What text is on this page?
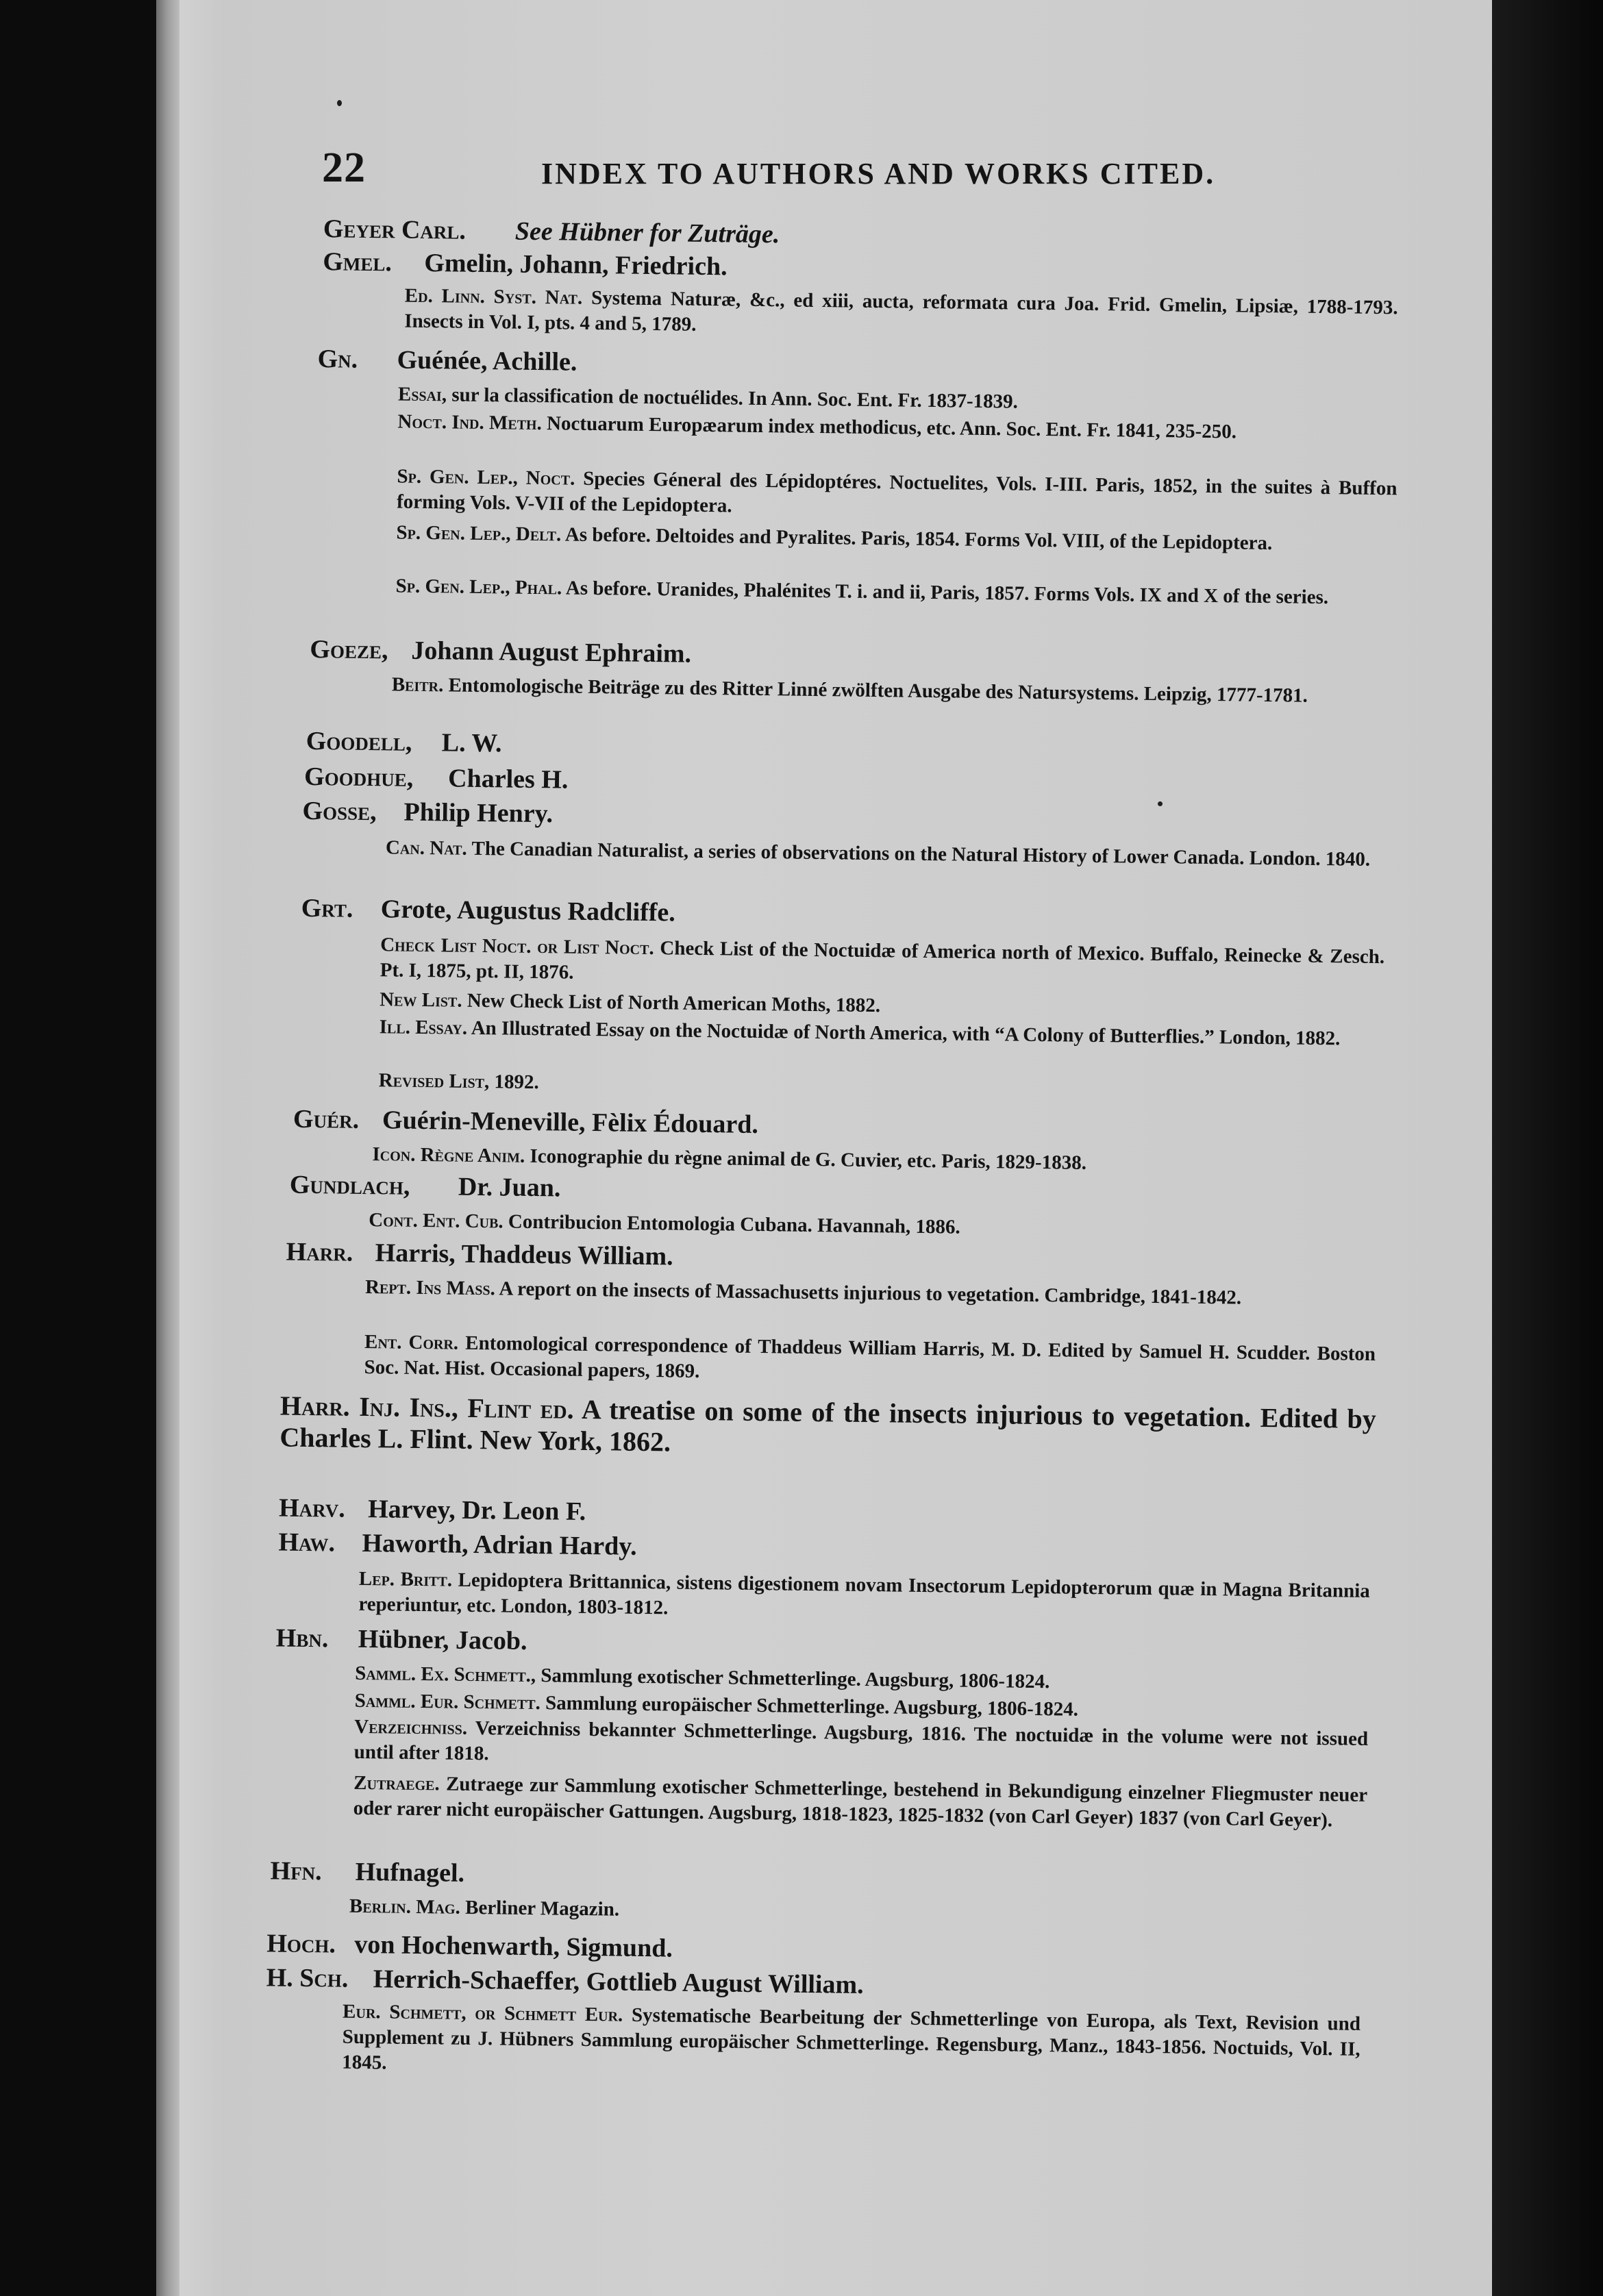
22	INDEX TO AUTHORS AND WORKS CITED.
Geyer Carl. See Hübner for Zuträge.
Gmel. Gmelin, Johann, Friedrich.
Ed. Linn. Syst. Nat. Systema Naturæ, &c., ed xiii, aucta, reformata cura Joa. Frid. Gmelin, Lipsiæ, 1788-1793. Insects in Vol. I, pts. 4 and 5, 1789.
Gn. Guénée, Achille.
Essai, sur la classification de noctuélides. In Ann. Soc. Ent. Fr. 1837-1839.
Noct. Ind. Meth. Noctuarum Europæarum index methodicus, etc. Ann. Soc. Ent. Fr. 1841, 235-250.
Sp. Gen. Lep., Noct. Species Géneral des Lépidoptéres. Noctuelites, Vols. I-III. Paris, 1852, in the suites à Buffon forming Vols. V-VII of the Lepidoptera.
Sp. Gen. Lep., Delt. As before. Deltoides and Pyralites. Paris, 1854. Forms Vol. VIII, of the Lepidoptera.
Sp. Gen. Lep., Phal. As before. Uranides, Phalénites T. i. and ii, Paris, 1857. Forms Vols. IX and X of the series.
Goeze, Johann August Ephraim.
Beitr. Entomologische Beiträge zu des Ritter Linné zwölften Ausgabe des Natursystems. Leipzig, 1777-1781.
Goodell, L. W.
Goodhue, Charles H.
Gosse, Philip Henry.
Can. Nat. The Canadian Naturalist, a series of observations on the Natural History of Lower Canada. London. 1840.
Grt. Grote, Augustus Radcliffe.
Check List Noct. or List Noct. Check List of the Noctuidæ of America north of Mexico. Buffalo, Reinecke & Zesch. Pt. I, 1875, pt. II, 1876.
New List. New Check List of North American Moths, 1882.
Ill. Essay. An Illustrated Essay on the Noctuidæ of North America, with “A Colony of Butterflies.” London, 1882.
Revised List, 1892.
Guér. Guérin-Meneville, Fèlix Édouard.
Icon. Règne Anim. Iconographie du règne animal de G. Cuvier, etc. Paris, 1829-1838.
Gundlach, Dr. Juan.
Cont. Ent. Cub. Contribucion Entomologia Cubana. Havannah, 1886.
Harr. Harris, Thaddeus William.
Rept. Ins Mass. A report on the insects of Massachusetts injurious to vegetation. Cambridge, 1841-1842.
Ent. Corr. Entomological correspondence of Thaddeus William Harris, M. D. Edited by Samuel H. Scudder. Boston Soc. Nat. Hist. Occasional papers, 1869.
Harr. Inj. Ins., Flint ed. A treatise on some of the insects injurious to vegetation. Edited by Charles L. Flint. New York, 1862.
Harv. Harvey, Dr. Leon F.
Haw. Haworth, Adrian Hardy.
Lep. Britt. Lepidoptera Brittannica, sistens digestionem novam Insectorum Lepidopterorum quæ in Magna Britannia reperiuntur, etc. London, 1803-1812.
Hbn. Hübner, Jacob.
Samml. Ex. Schmett., Sammlung exotischer Schmetterlinge. Augsburg, 1806-1824.
Samml. Eur. Schmett. Sammlung europäischer Schmetterlinge. Augsburg, 1806-1824.
Verzeichniss. Verzeichniss bekannter Schmetterlinge. Augsburg, 1816. The noctuidæ in the volume were not issued until after 1818.
Zutraege. Zutraege zur Sammlung exotischer Schmetterlinge, bestehend in Bekundigung einzelner Fliegmuster neuer oder rarer nicht europäischer Gattungen. Augsburg, 1818-1823, 1825-1832 (von Carl Geyer) 1837 (von Carl Geyer).
Hfn. Hufnagel.
Berlin. Mag. Berliner Magazin.
Hoch. von Hochenwarth, Sigmund.
H. Sch. Herrich-Schaeffer, Gottlieb August William.
Eur. Schmett, or Schmett Eur. Systematische Bearbeitung der Schmetterlinge von Europa, als Text, Revision und Supplement zu J. Hübners Sammlung europäischer Schmetterlinge. Regensburg, Manz., 1843-1856. Noctuids, Vol. II, 1845.
